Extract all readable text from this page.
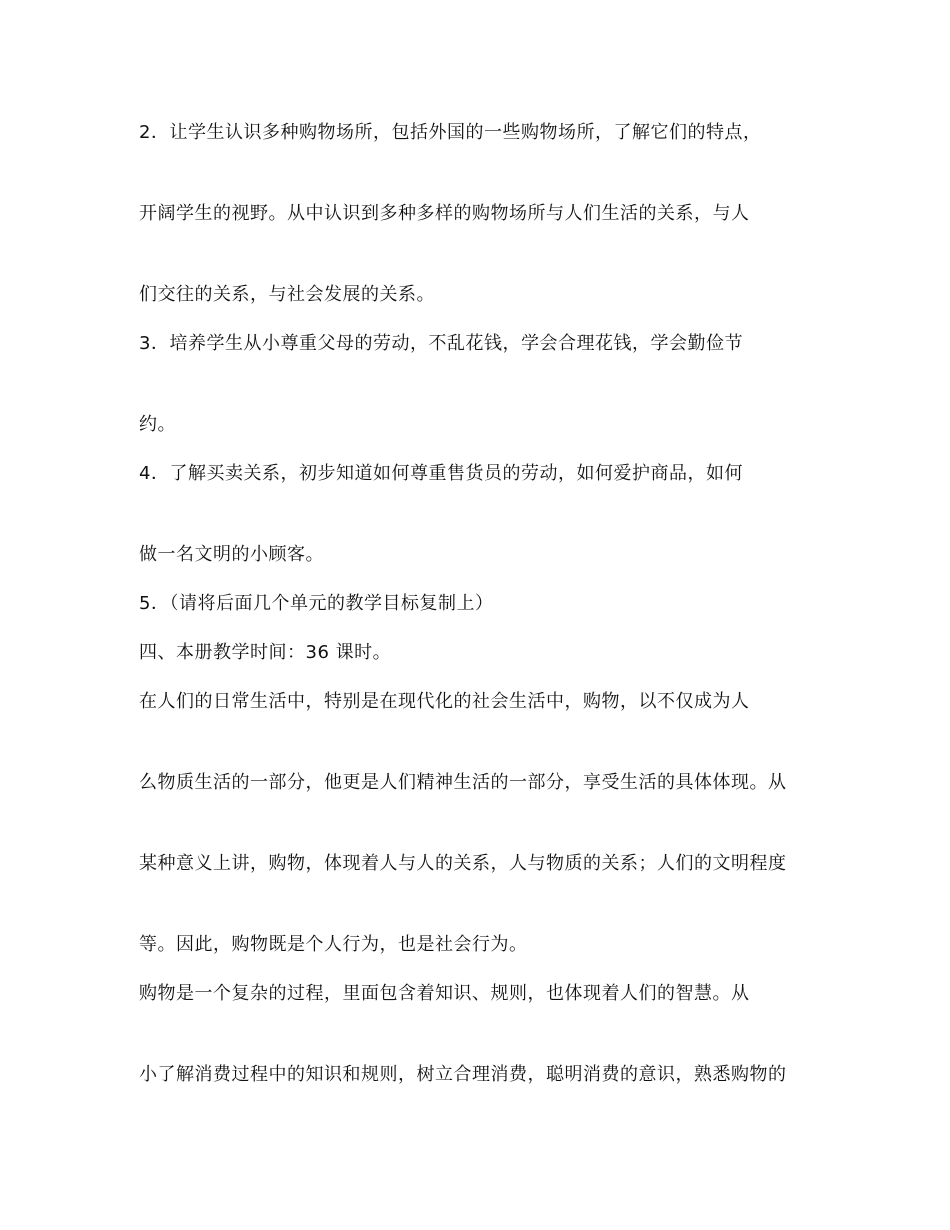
2．让学生认识多种购物场所，包括外国的一些购物场所，了解它们的特点，

开阔学生的视野。从中认识到多种多样的购物场所与人们生活的关系，与人

们交往的关系，与社会发展的关系。

3．培养学生从小尊重父母的劳动，不乱花钱，学会合理花钱，学会勤俭节

约。

4．了解买卖关系，初步知道如何尊重售货员的劳动，如何爱护商品，如何

做一名文明的小顾客。

5．（请将后面几个单元的教学目标复制上）

四、本册教学时间：36 课时。

在人们的日常生活中，特别是在现代化的社会生活中，购物，以不仅成为人

么物质生活的一部分，他更是人们精神生活的一部分，享受生活的具体体现。从

某种意义上讲，购物，体现着人与人的关系，人与物质的关系；人们的文明程度

等。因此，购物既是个人行为，也是社会行为。

购物是一个复杂的过程，里面包含着知识、规则，也体现着人们的智慧。从

小了解消费过程中的知识和规则，树立合理消费，聪明消费的意识，熟悉购物的
